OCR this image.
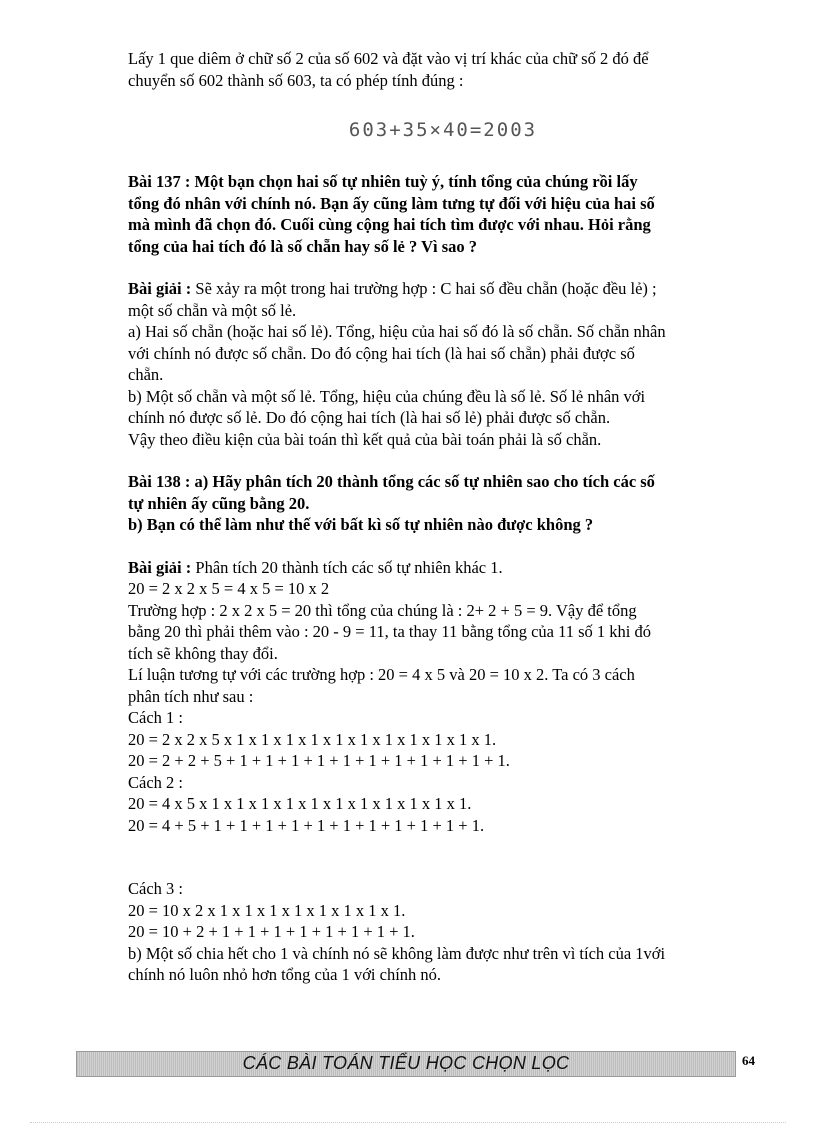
Lấy 1 que diêm ở chữ số 2 của số 602 và đặt vào vị trí khác của chữ số 2 đó để
chuyển số 602 thành số 603, ta có phép tính đúng :
603+35×40=2003
Bài 137 : Một bạn chọn hai số tự nhiên tuỳ ý, tính tổng của chúng rồi lấy
tổng đó nhân với chính nó. Bạn ấy cũng làm tưng tự đối với hiệu của hai số
mà mình đã chọn đó. Cuối cùng cộng hai tích tìm được với nhau. Hỏi rằng
tổng của hai tích đó là số chẵn hay số lẻ ? Vì sao ?
Bài giải : Sẽ xảy ra một trong hai trường hợp : C hai số đều chẵn (hoặc đều lẻ) ;
một số chẵn và một số lẻ.
a) Hai số chẵn (hoặc hai số lẻ). Tổng, hiệu của hai số đó là số chẵn. Số chẵn nhân
với chính nó được số chẵn. Do đó cộng hai tích (là hai số chẵn) phải được số
chẵn.
b) Một số chẵn và một số lẻ. Tổng, hiệu của chúng đều là số lẻ. Số lẻ nhân với
chính nó được số lẻ. Do đó cộng hai tích (là hai số lẻ) phải được số chẵn.
Vậy theo điều kiện của bài toán thì kết quả của bài toán phải là số chẵn.
Bài 138 : a) Hãy phân tích 20 thành tổng các số tự nhiên sao cho tích các số
tự nhiên ấy cũng bằng 20.
b) Bạn có thể làm như thế với bất kì số tự nhiên nào được không ?
Bài giải : Phân tích 20 thành tích các số tự nhiên khác 1.
20 = 2 x 2 x 5 = 4 x 5 = 10 x 2
Trường hợp : 2 x 2 x 5 = 20 thì tổng của chúng là : 2+ 2 + 5 = 9. Vậy để tổng
bằng 20 thì phải thêm vào : 20 - 9 = 11, ta thay 11 bằng tổng của 11 số 1 khi đó
tích sẽ không thay đổi.
Lí luận tương tự với các trường hợp : 20 = 4 x 5 và 20 = 10 x 2. Ta có 3 cách
phân tích như sau :
Cách 1 :
20 = 2 x 2 x 5 x 1 x 1 x 1 x 1 x 1 x 1 x 1 x 1 x 1 x 1 x 1.
20 = 2 + 2 + 5 + 1 + 1 + 1 + 1 + 1 + 1 + 1 + 1 + 1 + 1 + 1.
Cách 2 :
20 = 4 x 5 x 1 x 1 x 1 x 1 x 1 x 1 x 1 x 1 x 1 x 1 x 1.
20 = 4 + 5 + 1 + 1 + 1 + 1 + 1 + 1 + 1 + 1 + 1 + 1 + 1.
Cách 3 :
20 = 10 x 2 x 1 x 1 x 1 x 1 x 1 x 1 x 1 x 1.
20 = 10 + 2 + 1 + 1 + 1 + 1 + 1 + 1 + 1 + 1.
b) Một số chia hết cho 1 và chính nó sẽ không làm được như trên vì tích của 1với
chính nó luôn nhỏ hơn tổng của 1 với chính nó.
CÁC BÀI TOÁN TIỂU HỌC CHỌN LỌC	64
